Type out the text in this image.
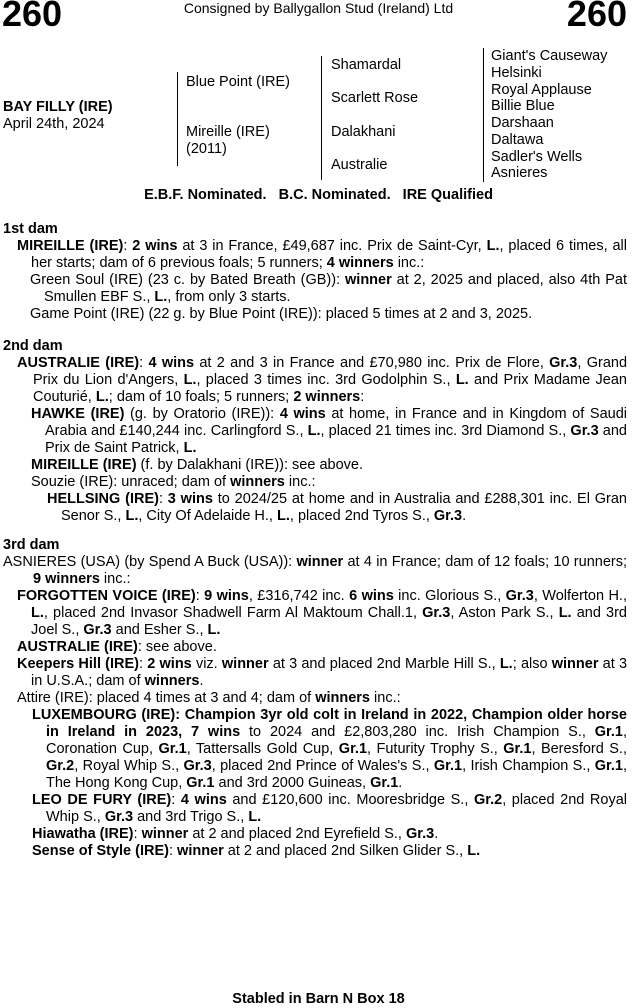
260	Consigned by Ballygallon Stud (Ireland) Ltd	260
BAY FILLY (IRE)
April 24th, 2024
Blue Point (IRE)
Mireille (IRE)
(2011)
Shamardal
Scarlett Rose
Dalakhani
Australie
Giant's Causeway
Helsinki
Royal Applause
Billie Blue
Darshaan
Daltawa
Sadler's Wells
Asnieres
E.B.F. Nominated.   B.C. Nominated.   IRE Qualified

1st dam

MIREILLE (IRE): 2 wins at 3 in France, £49,687 inc. Prix de Saint-Cyr, L., placed 6 times, all her starts; dam of 6 previous foals; 5 runners; 4 winners inc.:

Green Soul (IRE) (23 c. by Bated Breath (GB)): winner at 2, 2025 and placed, also 4th Pat Smullen EBF S., L., from only 3 starts.

Game Point (IRE) (22 g. by Blue Point (IRE)): placed 5 times at 2 and 3, 2025.

2nd dam

AUSTRALIE (IRE): 4 wins at 2 and 3 in France and £70,980 inc. Prix de Flore, Gr.3, Grand Prix du Lion d'Angers, L., placed 3 times inc. 3rd Godolphin S., L. and Prix Madame Jean Couturié, L.; dam of 10 foals; 5 runners; 2 winners:

HAWKE (IRE) (g. by Oratorio (IRE)): 4 wins at home, in France and in Kingdom of Saudi Arabia and £140,244 inc. Carlingford S., L., placed 21 times inc. 3rd Diamond S., Gr.3 and Prix de Saint Patrick, L.

MIREILLE (IRE) (f. by Dalakhani (IRE)): see above.

Souzie (IRE): unraced; dam of winners inc.:

HELLSING (IRE): 3 wins to 2024/25 at home and in Australia and £288,301 inc. El Gran Senor S., L., City Of Adelaide H., L., placed 2nd Tyros S., Gr.3.

3rd dam

ASNIERES (USA) (by Spend A Buck (USA)): winner at 4 in France; dam of 12 foals; 10 runners; 9 winners inc.:

FORGOTTEN VOICE (IRE): 9 wins, £316,742 inc. 6 wins inc. Glorious S., Gr.3, Wolferton H., L., placed 2nd Invasor Shadwell Farm Al Maktoum Chall.1, Gr.3, Aston Park S., L. and 3rd Joel S., Gr.3 and Esher S., L.

AUSTRALIE (IRE): see above.

Keepers Hill (IRE): 2 wins viz. winner at 3 and placed 2nd Marble Hill S., L.; also winner at 3 in U.S.A.; dam of winners.

Attire (IRE): placed 4 times at 3 and 4; dam of winners inc.:

LUXEMBOURG (IRE): Champion 3yr old colt in Ireland in 2022, Champion older horse in Ireland in 2023, 7 wins to 2024 and £2,803,280 inc. Irish Champion S., Gr.1, Coronation Cup, Gr.1, Tattersalls Gold Cup, Gr.1, Futurity Trophy S., Gr.1, Beresford S., Gr.2, Royal Whip S., Gr.3, placed 2nd Prince of Wales's S., Gr.1, Irish Champion S., Gr.1, The Hong Kong Cup, Gr.1 and 3rd 2000 Guineas, Gr.1.

LEO DE FURY (IRE): 4 wins and £120,600 inc. Mooresbridge S., Gr.2, placed 2nd Royal Whip S., Gr.3 and 3rd Trigo S., L.

Hiawatha (IRE): winner at 2 and placed 2nd Eyrefield S., Gr.3.

Sense of Style (IRE): winner at 2 and placed 2nd Silken Glider S., L.

Stabled in Barn N Box 18
